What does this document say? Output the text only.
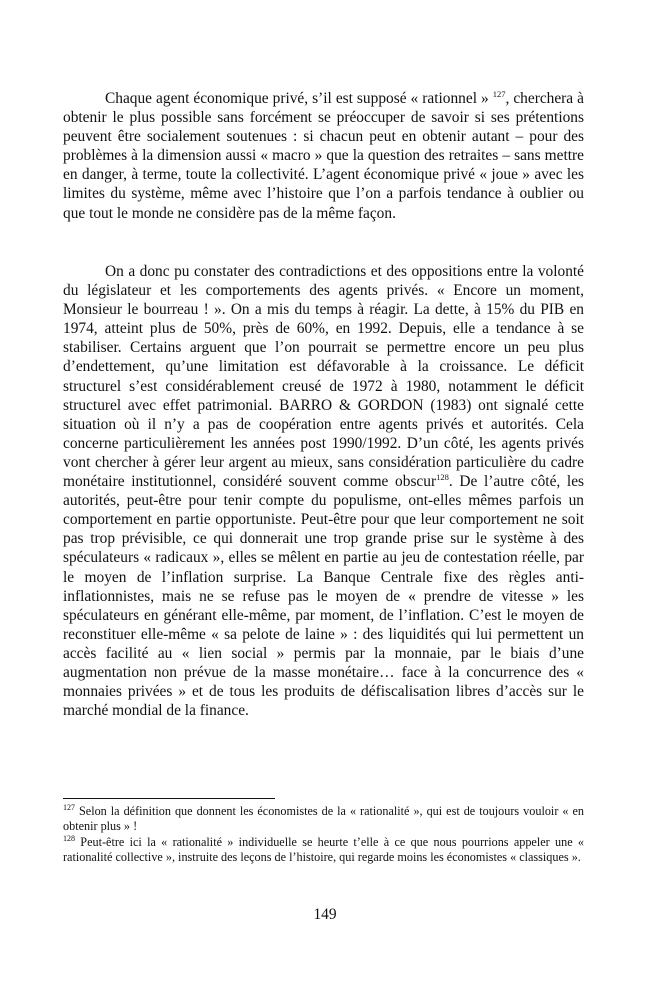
Chaque agent économique privé, s’il est supposé « rationnel » $^{127}$, cherchera à obtenir le plus possible sans forcément se préoccuper de savoir si ses prétentions peuvent être socialement soutenues : si chacun peut en obtenir autant – pour des problèmes à la dimension aussi « macro » que la question des retraites – sans mettre en danger, à terme, toute la collectivité. L’agent économique privé « joue » avec les limites du système, même avec l’histoire que l’on a parfois tendance à oublier ou que tout le monde ne considère pas de la même façon.

On a donc pu constater des contradictions et des oppositions entre la volonté du législateur et les comportements des agents privés. « Encore un moment, Monsieur le bourreau ! ». On a mis du temps à réagir. La dette, à 15% du PIB en 1974, atteint plus de 50%, près de 60%, en 1992. Depuis, elle a tendance à se stabiliser. Certains arguent que l’on pourrait se permettre encore un peu plus d’endettement, qu’une limitation est défavorable à la croissance. Le déficit structurel s’est considérablement creusé de 1972 à 1980, notamment le déficit structurel avec effet patrimonial. BARRO & GORDON (1983) ont signalé cette situation où il n’y a pas de coopération entre agents privés et autorités. Cela concerne particulièrement les années post 1990/1992. D’un côté, les agents privés vont chercher à gérer leur argent au mieux, sans considération particulière du cadre monétaire institutionnel, considéré souvent comme obscur$^{128}$. De l’autre côté, les autorités, peut-être pour tenir compte du populisme, ont-elles mêmes parfois un comportement en partie opportuniste. Peut-être pour que leur comportement ne soit pas trop prévisible, ce qui donnerait une trop grande prise sur le système à des spéculateurs « radicaux », elles se mêlent en partie au jeu de contestation réelle, par le moyen de l’inflation surprise. La Banque Centrale fixe des règles anti-inflationnistes, mais ne se refuse pas le moyen de « prendre de vitesse » les spéculateurs en générant elle-même, par moment, de l’inflation. C’est le moyen de reconstituer elle-même « sa pelote de laine » : des liquidités qui lui permettent un accès facilité au « lien social » permis par la monnaie, par le biais d’une augmentation non prévue de la masse monétaire… face à la concurrence des « monnaies privées » et de tous les produits de défiscalisation libres d’accès sur le marché mondial de la finance.

$^{127}$ Selon la définition que donnent les économistes de la « rationalité », qui est de toujours vouloir « en obtenir plus » !

$^{128}$ Peut-être ici la « rationalité » individuelle se heurte t’elle à ce que nous pourrions appeler une « rationalité collective », instruite des leçons de l’histoire, qui regarde moins les économistes « classiques ».

149
